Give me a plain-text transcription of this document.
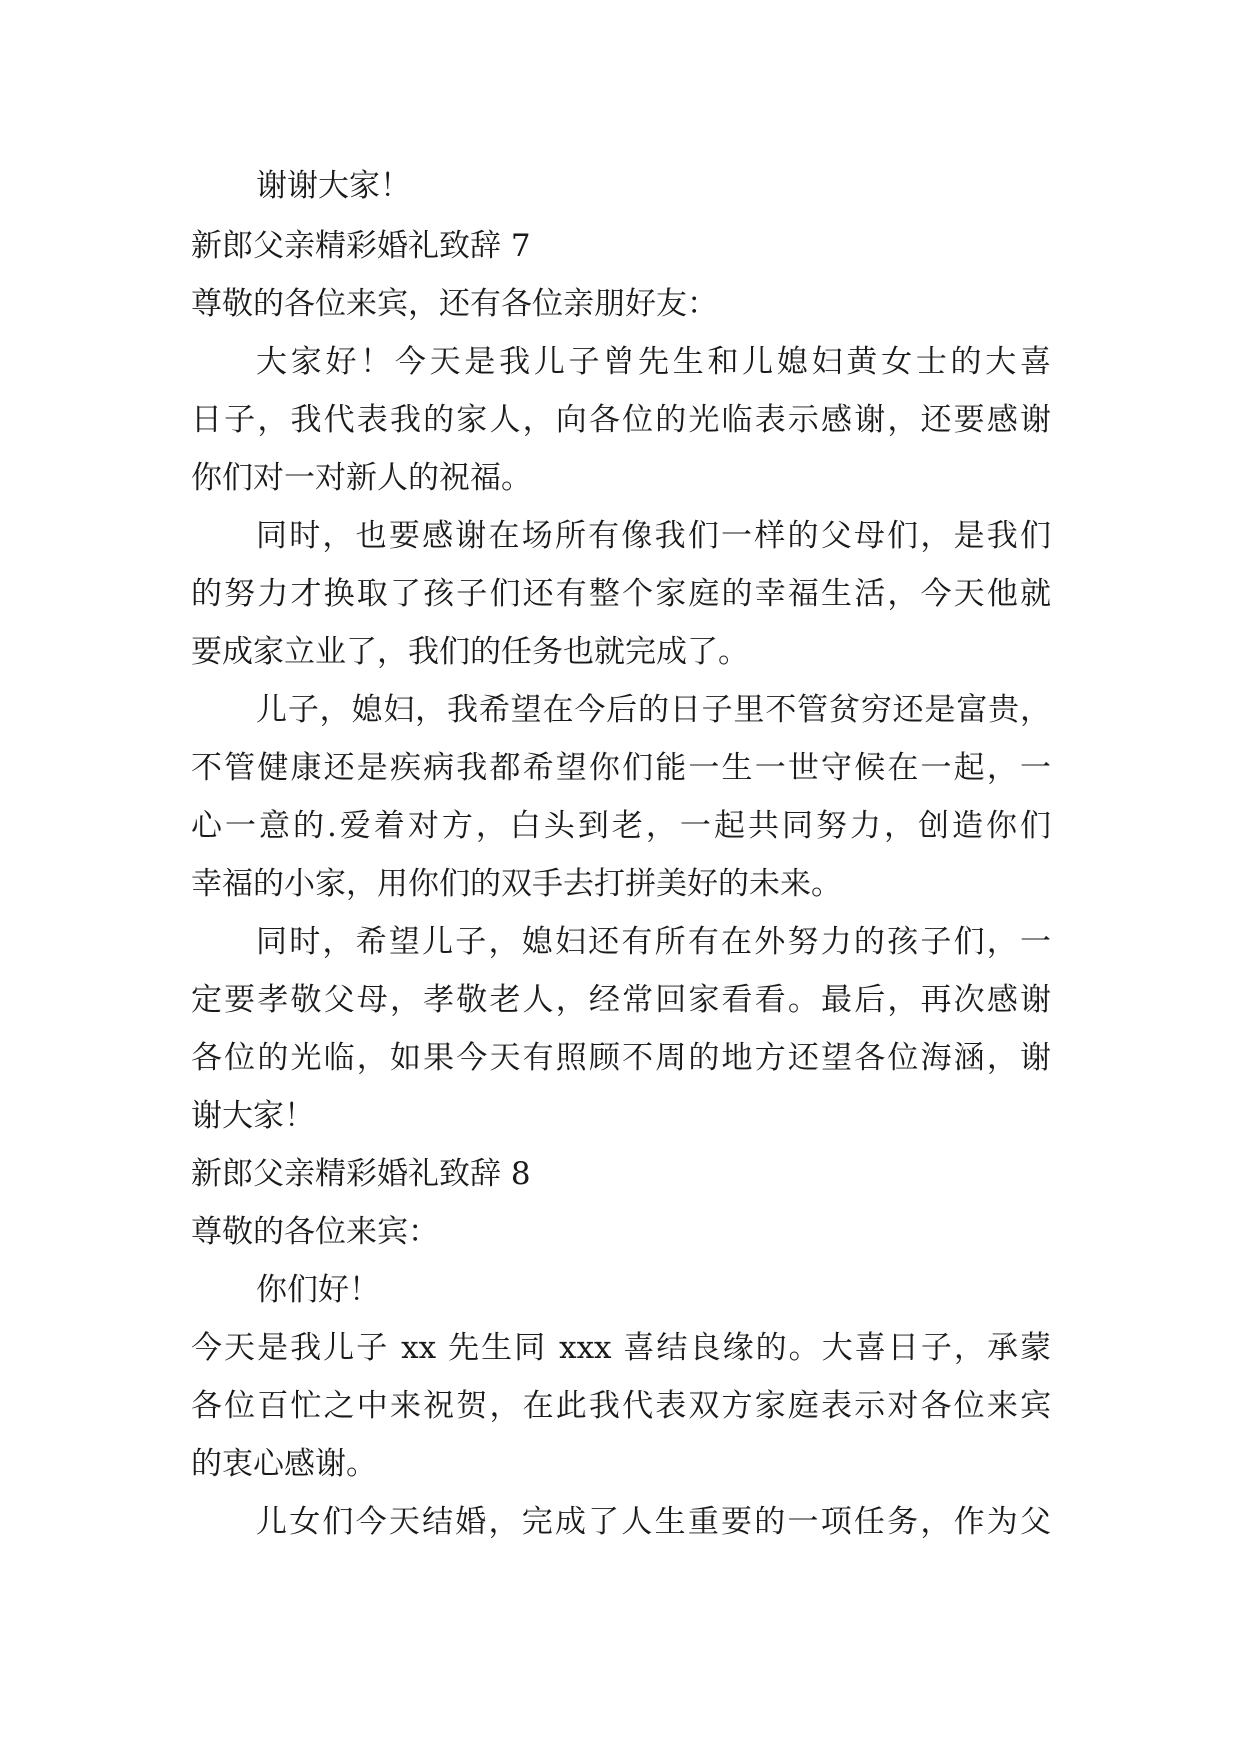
谢谢大家！
新郎父亲精彩婚礼致辞 7
尊敬的各位来宾，还有各位亲朋好友：
大家好！今天是我儿子曾先生和儿媳妇黄女士的大喜
日子，我代表我的家人，向各位的光临表示感谢，还要感谢
你们对一对新人的祝福。
同时，也要感谢在场所有像我们一样的父母们，是我们
的努力才换取了孩子们还有整个家庭的幸福生活，今天他就
要成家立业了，我们的任务也就完成了。
儿子，媳妇，我希望在今后的日子里不管贫穷还是富贵，
不管健康还是疾病我都希望你们能一生一世守候在一起，一
心一意的.爱着对方，白头到老，一起共同努力，创造你们
幸福的小家，用你们的双手去打拼美好的未来。
同时，希望儿子，媳妇还有所有在外努力的孩子们，一
定要孝敬父母，孝敬老人，经常回家看看。最后，再次感谢
各位的光临，如果今天有照顾不周的地方还望各位海涵，谢
谢大家！
新郎父亲精彩婚礼致辞 8
尊敬的各位来宾：
你们好！
今天是我儿子 xx 先生同 xxx 喜结良缘的。大喜日子，承蒙
各位百忙之中来祝贺，在此我代表双方家庭表示对各位来宾
的衷心感谢。
儿女们今天结婚，完成了人生重要的一项任务，作为父
